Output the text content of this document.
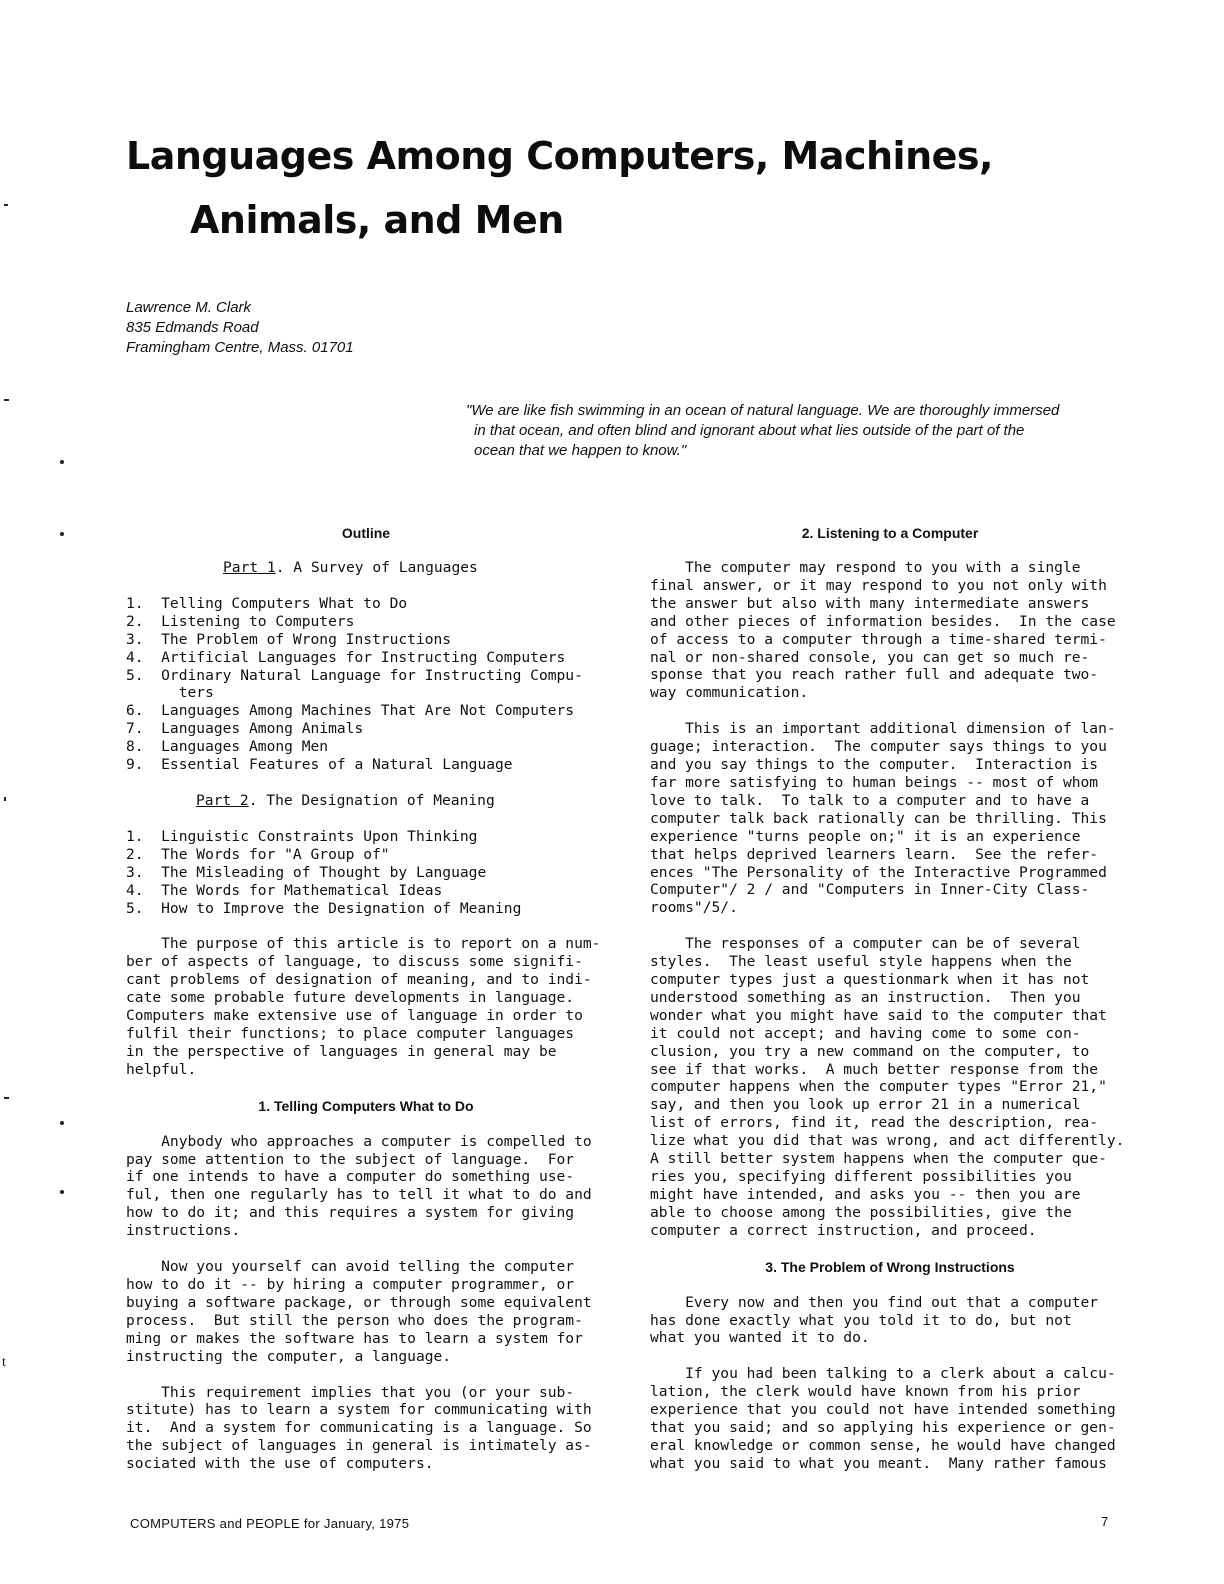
Languages Among Computers, Machines,
Animals, and Men
Lawrence M. Clark
835 Edmands Road
Framingham Centre, Mass. 01701
"We are like fish swimming in an ocean of natural language. We are thoroughly immersed
in that ocean, and often blind and ignorant about what lies outside of the part of the
ocean that we happen to know."

Outline

Part 1. A Survey of Languages

1.  Telling Computers What to Do
2.  Listening to Computers
3.  The Problem of Wrong Instructions
4.  Artificial Languages for Instructing Computers
5.  Ordinary Natural Language for Instructing Compu-
ters
6.  Languages Among Machines That Are Not Computers
7.  Languages Among Animals
8.  Languages Among Men
9.  Essential Features of a Natural Language

Part 2. The Designation of Meaning

1.  Linguistic Constraints Upon Thinking
2.  The Words for "A Group of"
3.  The Misleading of Thought by Language
4.  The Words for Mathematical Ideas
5.  How to Improve the Designation of Meaning

The purpose of this article is to report on a num-
ber of aspects of language, to discuss some signifi-
cant problems of designation of meaning, and to indi-
cate some probable future developments in language.
Computers make extensive use of language in order to
fulfil their functions; to place computer languages
in the perspective of languages in general may be
helpful.

1. Telling Computers What to Do

Anybody who approaches a computer is compelled to
pay some attention to the subject of language.  For
if one intends to have a computer do something use-
ful, then one regularly has to tell it what to do and
how to do it; and this requires a system for giving
instructions.

Now you yourself can avoid telling the computer
how to do it -- by hiring a computer programmer, or
buying a software package, or through some equivalent
process.  But still the person who does the program-
ming or makes the software has to learn a system for
instructing the computer, a language.

This requirement implies that you (or your sub-
stitute) has to learn a system for communicating with
it.  And a system for communicating is a language. So
the subject of languages in general is intimately as-
sociated with the use of computers.

2. Listening to a Computer

The computer may respond to you with a single
final answer, or it may respond to you not only with
the answer but also with many intermediate answers
and other pieces of information besides.  In the case
of access to a computer through a time-shared termi-
nal or non-shared console, you can get so much re-
sponse that you reach rather full and adequate two-
way communication.

This is an important additional dimension of lan-
guage; interaction.  The computer says things to you
and you say things to the computer.  Interaction is
far more satisfying to human beings -- most of whom
love to talk.  To talk to a computer and to have a
computer talk back rationally can be thrilling. This
experience "turns people on;" it is an experience
that helps deprived learners learn.  See the refer-
ences "The Personality of the Interactive Programmed
Computer"/ 2 / and "Computers in Inner-City Class-
rooms"/5/.

The responses of a computer can be of several
styles.  The least useful style happens when the
computer types just a questionmark when it has not
understood something as an instruction.  Then you
wonder what you might have said to the computer that
it could not accept; and having come to some con-
clusion, you try a new command on the computer, to
see if that works.  A much better response from the
computer happens when the computer types "Error 21,"
say, and then you look up error 21 in a numerical
list of errors, find it, read the description, rea-
lize what you did that was wrong, and act differently.
A still better system happens when the computer que-
ries you, specifying different possibilities you
might have intended, and asks you -- then you are
able to choose among the possibilities, give the
computer a correct instruction, and proceed.

3. The Problem of Wrong Instructions

Every now and then you find out that a computer
has done exactly what you told it to do, but not
what you wanted it to do.

If you had been talking to a clerk about a calcu-
lation, the clerk would have known from his prior
experience that you could not have intended something
that you said; and so applying his experience or gen-
eral knowledge or common sense, he would have changed
what you said to what you meant.  Many rather famous

COMPUTERS and PEOPLE for January, 1975	7
t
